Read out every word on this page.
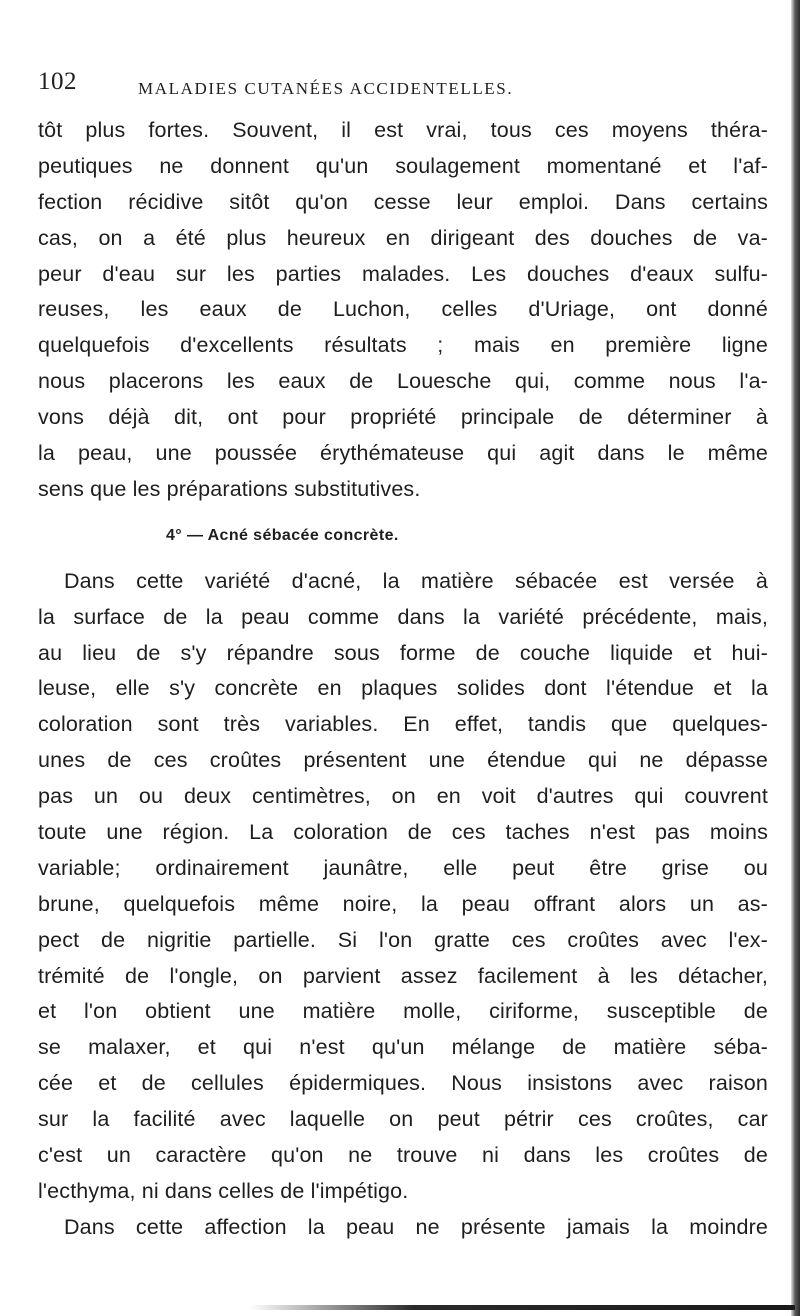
102	MALADIES CUTANÉES ACCIDENTELLES.
tôt plus fortes. Souvent, il est vrai, tous ces moyens théra-
peutiques ne donnent qu'un soulagement momentané et l'af-
fection récidive sitôt qu'on cesse leur emploi. Dans certains
cas, on a été plus heureux en dirigeant des douches de va-
peur d'eau sur les parties malades. Les douches d'eaux sulfu-
reuses, les eaux de Luchon, celles d'Uriage, ont donné
quelquefois d'excellents résultats ; mais en première ligne
nous placerons les eaux de Louesche qui, comme nous l'a-
vons déjà dit, ont pour propriété principale de déterminer à
la peau, une poussée érythémateuse qui agit dans le même
sens que les préparations substitutives.
4° — Acné sébacée concrète.
Dans cette variété d'acné, la matière sébacée est versée à
la surface de la peau comme dans la variété précédente, mais,
au lieu de s'y répandre sous forme de couche liquide et hui-
leuse, elle s'y concrète en plaques solides dont l'étendue et la
coloration sont très variables. En effet, tandis que quelques-
unes de ces croûtes présentent une étendue qui ne dépasse
pas un ou deux centimètres, on en voit d'autres qui couvrent
toute une région. La coloration de ces taches n'est pas moins
variable; ordinairement jaunâtre, elle peut être grise ou
brune, quelquefois même noire, la peau offrant alors un as-
pect de nigritie partielle. Si l'on gratte ces croûtes avec l'ex-
trémité de l'ongle, on parvient assez facilement à les détacher,
et l'on obtient une matière molle, ciriforme, susceptible de
se malaxer, et qui n'est qu'un mélange de matière séba-
cée et de cellules épidermiques. Nous insistons avec raison
sur la facilité avec laquelle on peut pétrir ces croûtes, car
c'est un caractère qu'on ne trouve ni dans les croûtes de
l'ecthyma, ni dans celles de l'impétigo.
Dans cette affection la peau ne présente jamais la moindre
